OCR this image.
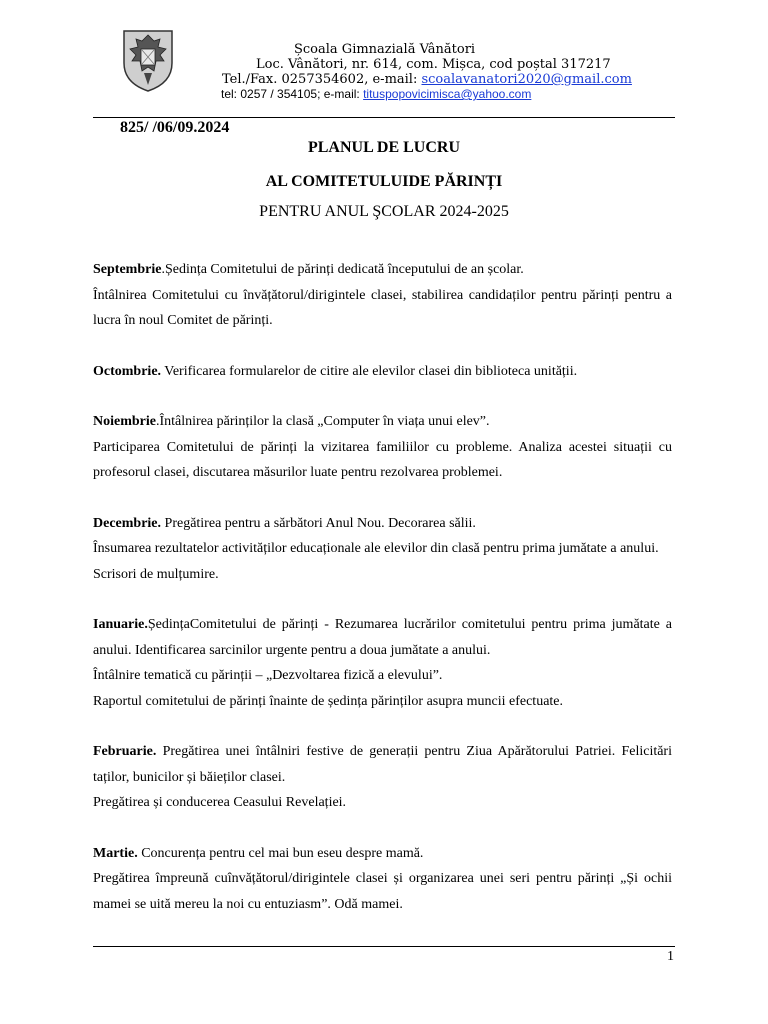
Școala Gimnazială Vânători
Loc. Vânători, nr. 614, com. Mișca, cod poștal 317217
Tel./Fax. 0257354602, e-mail: scoalavanatori2020@gmail.com
tel: 0257 / 354105; e-mail: tituspopovicimisca@yahoo.com
825/ /06/09.2024
PLANUL DE LUCRU
AL COMITETULUIDE PĂRINȚI
PENTRU ANUL ŞCOLAR 2024-2025

Septembrie.Ședința Comitetului de părinți dedicată începutului de an școlar.

Întâlnirea Comitetului cu învățătorul/dirigintele clasei, stabilirea candidaților pentru părinți pentru a lucra în noul Comitet de părinți.

Octombrie. Verificarea formularelor de citire ale elevilor clasei din biblioteca unității.

Noiembrie.Întâlnirea părinților la clasă „Computer în viața unui elev”.

Participarea Comitetului de părinți la vizitarea familiilor cu probleme. Analiza acestei situații cu profesorul clasei, discutarea măsurilor luate pentru rezolvarea problemei.

Decembrie. Pregătirea pentru a sărbători Anul Nou. Decorarea sălii.

Însumarea rezultatelor activităților educaționale ale elevilor din clasă pentru prima jumătate a anului.

Scrisori de mulțumire.

Ianuarie.ȘedințaComitetului de părinți - Rezumarea lucrărilor comitetului pentru prima jumătate a anului. Identificarea sarcinilor urgente pentru a doua jumătate a anului.

Întâlnire tematică cu părinții – „Dezvoltarea fizică a elevului”.

Raportul comitetului de părinți înainte de ședința părinților asupra muncii efectuate.

Februarie. Pregătirea unei întâlniri festive de generații pentru Ziua Apărătorului Patriei. Felicitări taților, bunicilor și băieților clasei.

Pregătirea și conducerea Ceasului Revelației.

Martie. Concurența pentru cel mai bun eseu despre mamă.

Pregătirea împreună cuînvățătorul/dirigintele clasei și organizarea unei seri pentru părinți „Și ochii mamei se uită mereu la noi cu entuziasm”. Odă mamei.

1
